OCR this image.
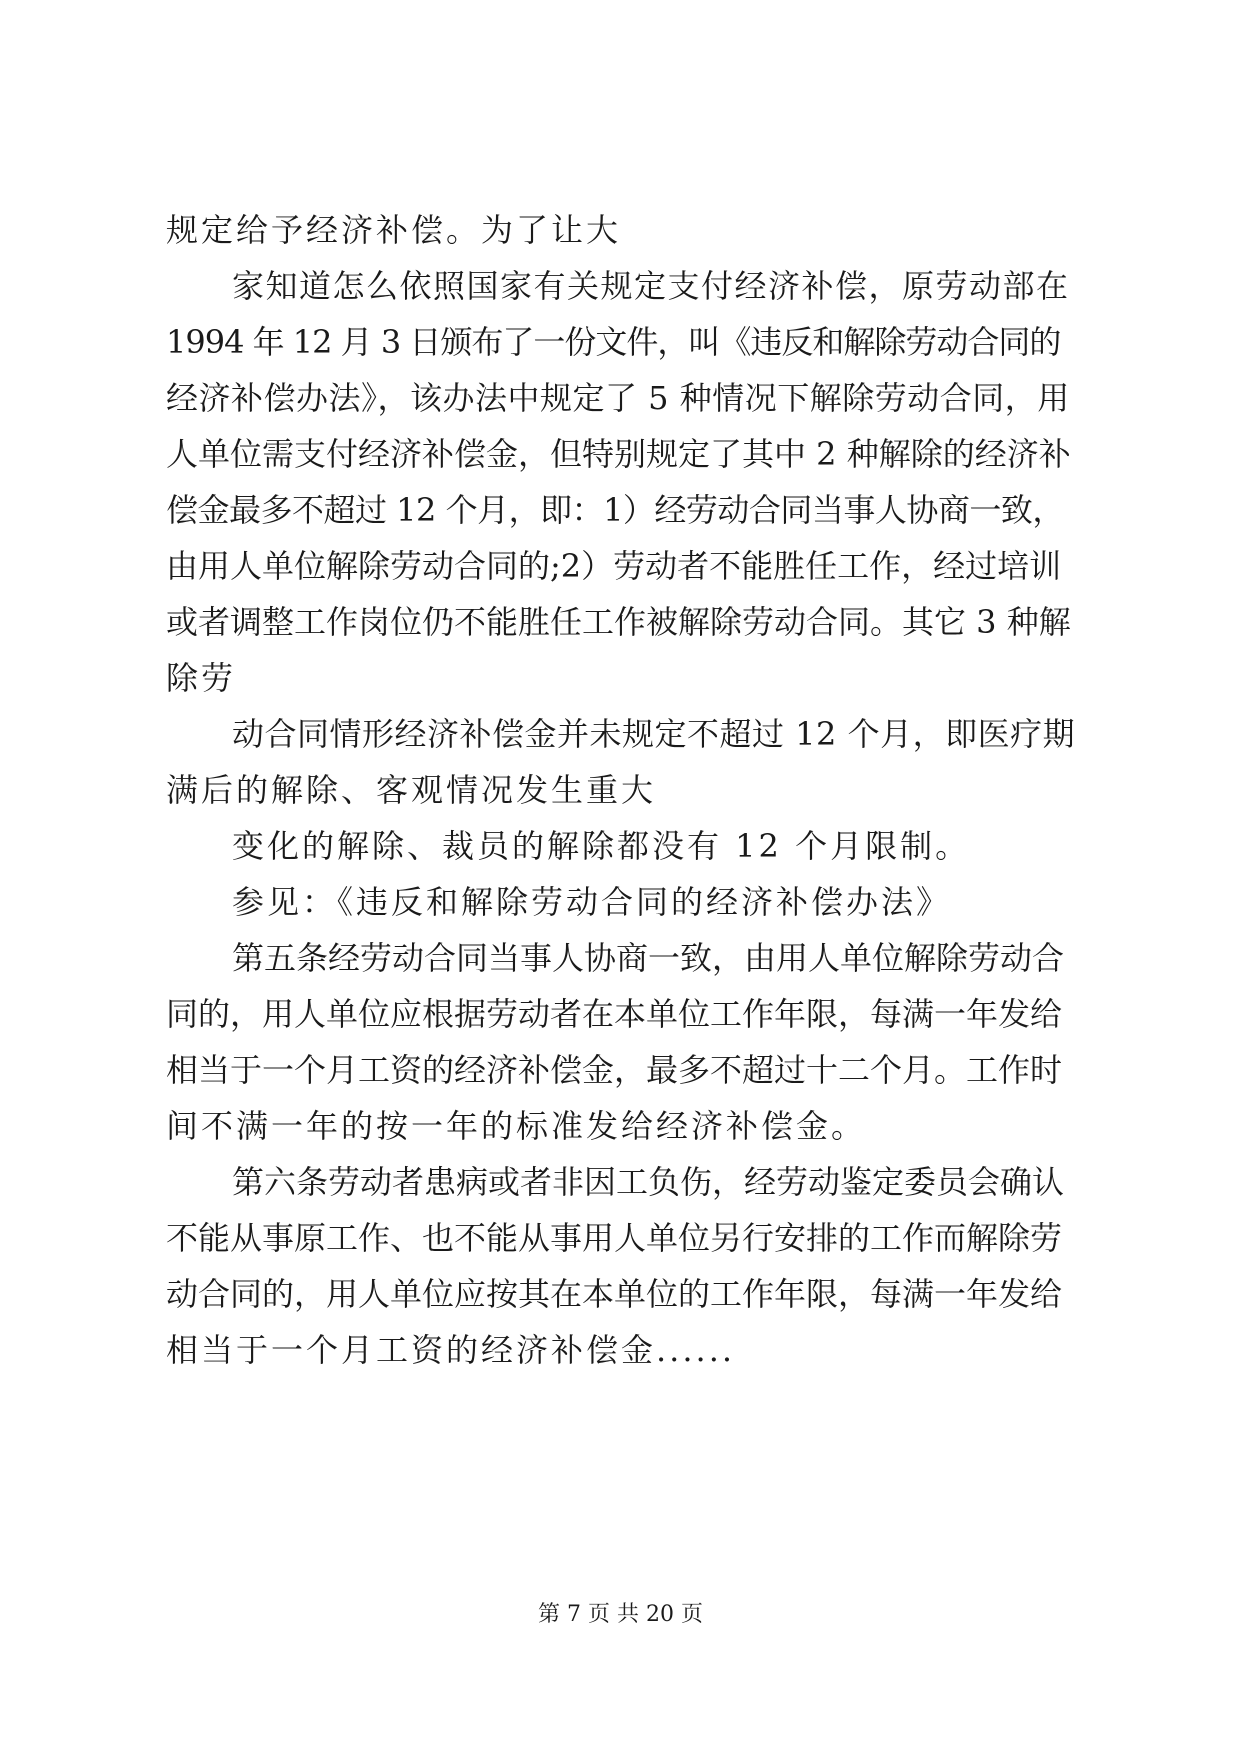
规定给予经济补偿。为了让大
家知道怎么依照国家有关规定支付经济补偿，原劳动部在
1994 年 12 月 3 日颁布了一份文件，叫《违反和解除劳动合同的
经济补偿办法》，该办法中规定了 5 种情况下解除劳动合同，用
人单位需支付经济补偿金，但特别规定了其中 2 种解除的经济补
偿金最多不超过 12 个月，即：1）经劳动合同当事人协商一致，
由用人单位解除劳动合同的;2）劳动者不能胜任工作，经过培训
或者调整工作岗位仍不能胜任工作被解除劳动合同。其它 3 种解
除劳
动合同情形经济补偿金并未规定不超过 12 个月，即医疗期
满后的解除、客观情况发生重大
变化的解除、裁员的解除都没有 12 个月限制。
参见：《违反和解除劳动合同的经济补偿办法》
第五条经劳动合同当事人协商一致，由用人单位解除劳动合
同的，用人单位应根据劳动者在本单位工作年限，每满一年发给
相当于一个月工资的经济补偿金，最多不超过十二个月。工作时
间不满一年的按一年的标准发给经济补偿金。
第六条劳动者患病或者非因工负伤，经劳动鉴定委员会确认
不能从事原工作、也不能从事用人单位另行安排的工作而解除劳
动合同的，用人单位应按其在本单位的工作年限，每满一年发给
相当于一个月工资的经济补偿金......
第 7 页 共 20 页
